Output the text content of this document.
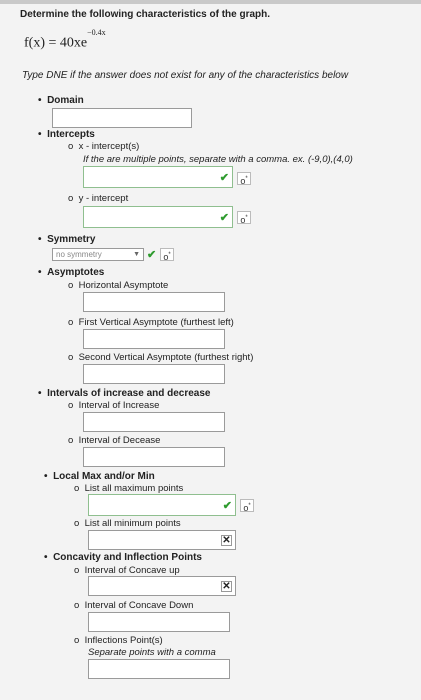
Determine the following characteristics of the graph.
$f(x) = 40xe^{-0.4x}$
Type DNE if the answer does not exist for any of the characteristics below
• Domain
• Intercepts
o x - intercept(s)
If the are multiple points, separate with a comma. ex. (-9,0),(4,0)
✔	o*
o y - intercept
✔	o*
• Symmetry
no symmetry	▼ ✔ o*
• Asymptotes
o Horizontal Asymptote
o First Vertical Asymptote (furthest left)
o Second Vertical Asymptote (furthest right)
• Intervals of increase and decrease
o Interval of Increase
o Interval of Decease
• Local Max and/or Min
o List all maximum points
✔	o*
o List all minimum points
✕
• Concavity and Inflection Points
o Interval of Concave up
✕
o Interval of Concave Down
o Inflections Point(s)
Separate points with a comma
